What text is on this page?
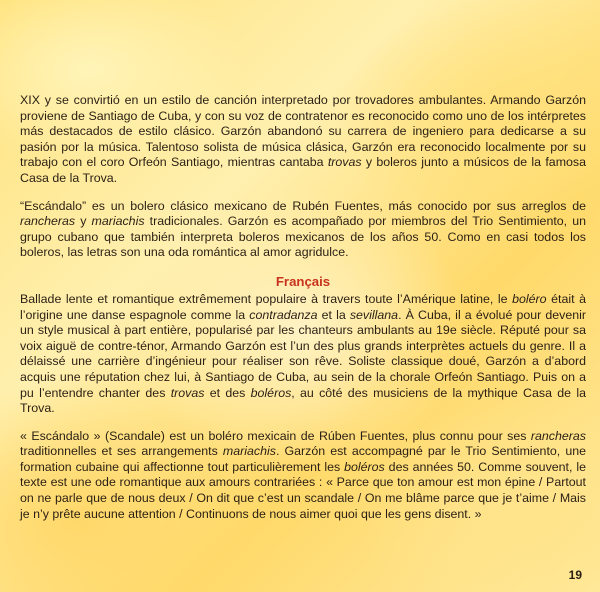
XIX y se convirtió en un estilo de canción interpretado por trovadores ambulantes. Armando Garzón proviene de Santiago de Cuba, y con su voz de contratenor es reconocido como uno de los intérpretes más destacados de estilo clásico. Garzón abandonó su carrera de ingeniero para dedicarse a su pasión por la música. Talentoso solista de música clásica, Garzón era reconocido localmente por su trabajo con el coro Orfeón Santiago, mientras cantaba trovas y boleros junto a músicos de la famosa Casa de la Trova.

“Escándalo” es un bolero clásico mexicano de Rubén Fuentes, más conocido por sus arreglos de rancheras y mariachis tradicionales. Garzón es acompañado por miembros del Trio Sentimiento, un grupo cubano que también interpreta boleros mexicanos de los años 50. Como en casi todos los boleros, las letras son una oda romántica al amor agridulce.

Français

Ballade lente et romantique extrêmement populaire à travers toute l’Amérique latine, le boléro était à l’origine une danse espagnole comme la contradanza et la sevillana. À Cuba, il a évolué pour devenir un style musical à part entière, popularisé par les chanteurs ambulants au 19e siècle. Réputé pour sa voix aiguë de contre-ténor, Armando Garzón est l’un des plus grands interprètes actuels du genre. Il a délaissé une carrière d’ingénieur pour réaliser son rêve. Soliste classique doué, Garzón a d’abord acquis une réputation chez lui, à Santiago de Cuba, au sein de la chorale Orfeón Santiago. Puis on a pu l’entendre chanter des trovas et des boléros, au côté des musiciens de la mythique Casa de la Trova.

« Escándalo » (Scandale) est un boléro mexicain de Rúben Fuentes, plus connu pour ses rancheras traditionnelles et ses arrangements mariachis. Garzón est accompagné par le Trio Sentimiento, une formation cubaine qui affectionne tout particulièrement les boléros des années 50. Comme souvent, le texte est une ode romantique aux amours contrariées : « Parce que ton amour est mon épine / Partout on ne parle que de nous deux / On dit que c’est un scandale / On me blâme parce que je t’aime / Mais je n’y prête aucune attention / Continuons de nous aimer quoi que les gens disent. »

19
